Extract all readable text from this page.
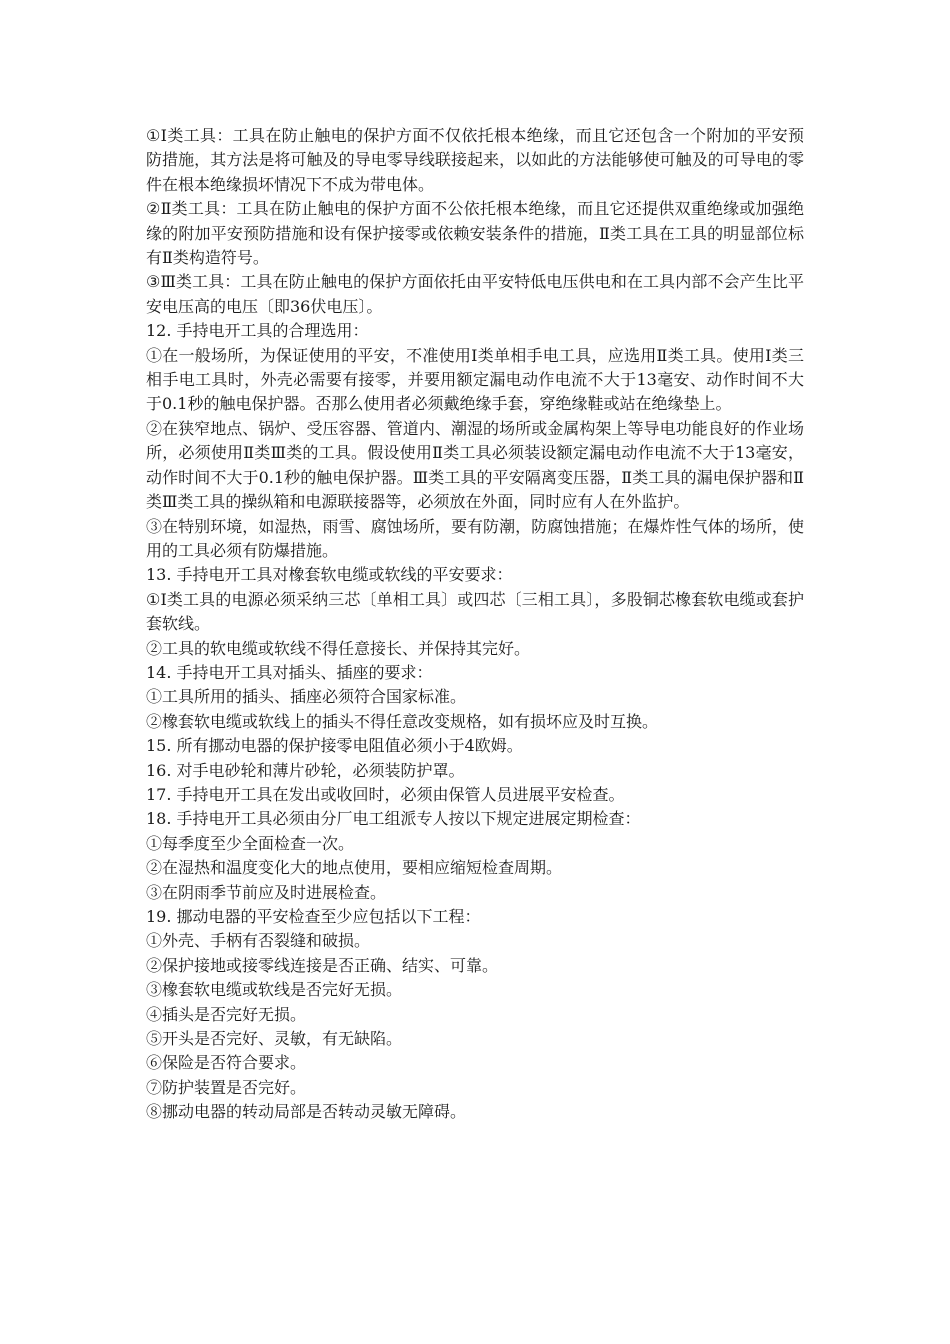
①Ⅰ类工具：工具在防止触电的保护方面不仅依托根本绝缘，而且它还包含一个附加的平安预防措施，其方法是将可触及的导电零导线联接起来，以如此的方法能够使可触及的可导电的零件在根本绝缘损坏情况下不成为带电体。

②Ⅱ类工具：工具在防止触电的保护方面不公依托根本绝缘，而且它还提供双重绝缘或加强绝缘的附加平安预防措施和设有保护接零或依赖安装条件的措施，Ⅱ类工具在工具的明显部位标有Ⅱ类构造符号。

③Ⅲ类工具：工具在防止触电的保护方面依托由平安特低电压供电和在工具内部不会产生比平安电压高的电压〔即36伏电压〕。

12. 手持电开工具的合理选用：

①在一般场所，为保证使用的平安，不准使用Ⅰ类单相手电工具，应选用Ⅱ类工具。使用Ⅰ类三相手电工具时，外壳必需要有接零，并要用额定漏电动作电流不大于13毫安、动作时间不大于0.1秒的触电保护器。否那么使用者必须戴绝缘手套，穿绝缘鞋或站在绝缘垫上。

②在狭窄地点、锅炉、受压容器、管道内、潮湿的场所或金属构架上等导电功能良好的作业场所，必须使用Ⅱ类Ⅲ类的工具。假设使用Ⅱ类工具必须装设额定漏电动作电流不大于13毫安，动作时间不大于0.1秒的触电保护器。Ⅲ类工具的平安隔离变压器，Ⅱ类工具的漏电保护器和Ⅱ类Ⅲ类工具的操纵箱和电源联接器等，必须放在外面，同时应有人在外监护。

③在特别环境，如湿热，雨雪、腐蚀场所，要有防潮，防腐蚀措施；在爆炸性气体的场所，使用的工具必须有防爆措施。

13. 手持电开工具对橡套软电缆或软线的平安要求：

①Ⅰ类工具的电源必须采纳三芯〔单相工具〕或四芯〔三相工具〕，多股铜芯橡套软电缆或套护套软线。

②工具的软电缆或软线不得任意接长、并保持其完好。

14. 手持电开工具对插头、插座的要求：

①工具所用的插头、插座必须符合国家标准。

②橡套软电缆或软线上的插头不得任意改变规格，如有损坏应及时互换。

15. 所有挪动电器的保护接零电阻值必须小于4欧姆。

16. 对手电砂轮和薄片砂轮，必须装防护罩。

17. 手持电开工具在发出或收回时，必须由保管人员进展平安检查。

18. 手持电开工具必须由分厂电工组派专人按以下规定进展定期检查：

①每季度至少全面检查一次。

②在湿热和温度变化大的地点使用，要相应缩短检查周期。

③在阴雨季节前应及时进展检查。

19. 挪动电器的平安检查至少应包括以下工程：

①外壳、手柄有否裂缝和破损。

②保护接地或接零线连接是否正确、结实、可靠。

③橡套软电缆或软线是否完好无损。

④插头是否完好无损。

⑤开头是否完好、灵敏，有无缺陷。

⑥保险是否符合要求。

⑦防护装置是否完好。

⑧挪动电器的转动局部是否转动灵敏无障碍。
